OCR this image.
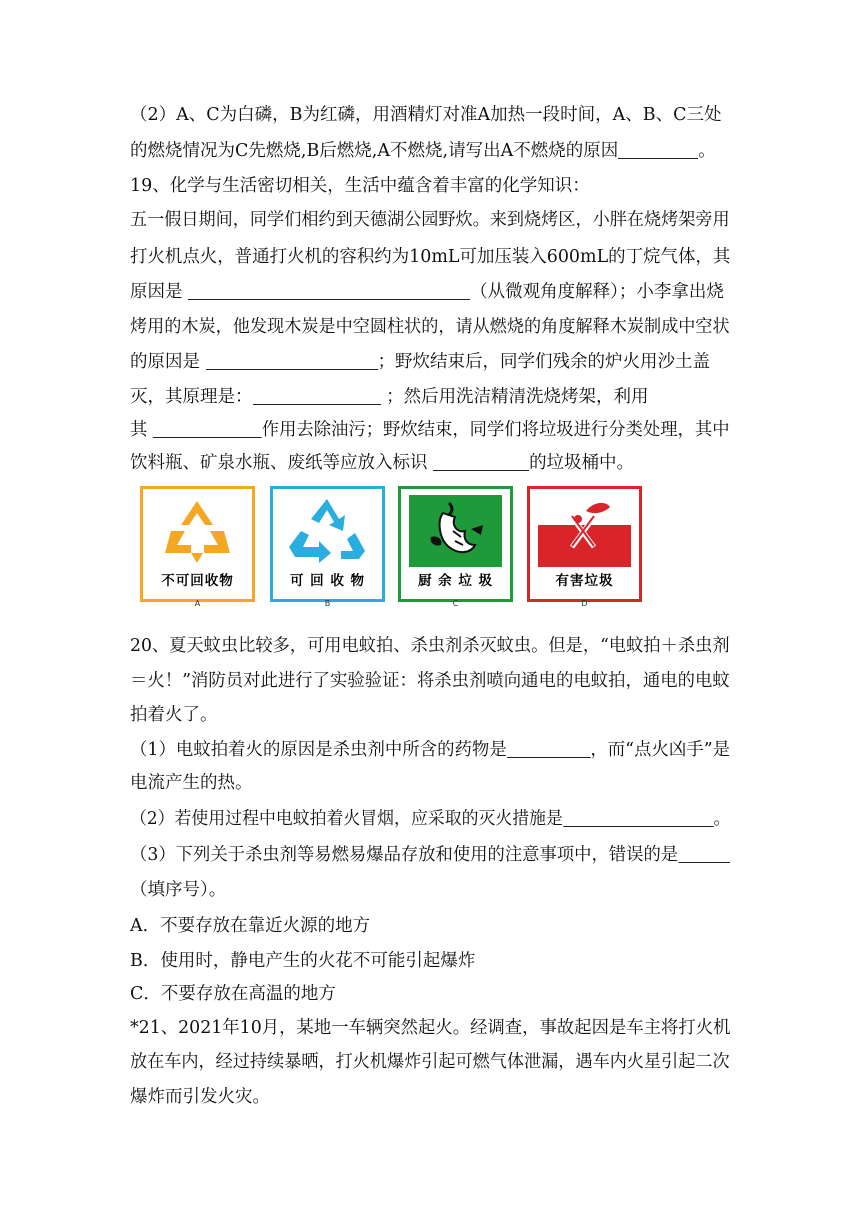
（2）A、C为白磷，B为红磷，用酒精灯对准A加热一段时间，A、B、C三处
的燃烧情况为C先燃烧,B后燃烧,A不燃烧,请写出A不燃烧的原因	。
19、化学与生活密切相关，生活中蕴含着丰富的化学知识：
五一假日期间，同学们相约到天德湖公园野炊。来到烧烤区，小胖在烧烤架旁用
打火机点火，普通打火机的容积约为10mL可加压装入600mL的丁烷气体，其
原因是	（从微观角度解释）；小李拿出烧
烤用的木炭，他发现木炭是中空圆柱状的，请从燃烧的角度解释木炭制成中空状
的原因是	；野炊结束后，同学们残余的炉火用沙土盖
灭，其原理是：	；然后用洗洁精清洗烧烤架，利用
其	作用去除油污；野炊结束，同学们将垃圾进行分类处理，其中
饮料瓶、矿泉水瓶、废纸等应放入标识	的垃圾桶中。
20、夏天蚊虫比较多，可用电蚊拍、杀虫剂杀灭蚊虫。但是，“电蚊拍＋杀虫剂
＝火！”消防员对此进行了实验验证：将杀虫剂喷向通电的电蚊拍，通电的电蚊
拍着火了。
（1）电蚊拍着火的原因是杀虫剂中所含的药物是	，而“点火凶手”是
电流产生的热。
（2）若使用过程中电蚊拍着火冒烟，应采取的灭火措施是	。
（3）下列关于杀虫剂等易燃易爆品存放和使用的注意事项中，错误的是
（填序号）。
A．不要存放在靠近火源的地方
B．使用时，静电产生的火花不可能引起爆炸
C．不要存放在高温的地方
*21、2021年10月，某地一车辆突然起火。经调查，事故起因是车主将打火机
放在车内，经过持续暴晒，打火机爆炸引起可燃气体泄漏，遇车内火星引起二次
爆炸而引发火灾。
不可回收物	可 回 收 物	厨 余 垃 圾	有害垃圾
A	B	C	D
